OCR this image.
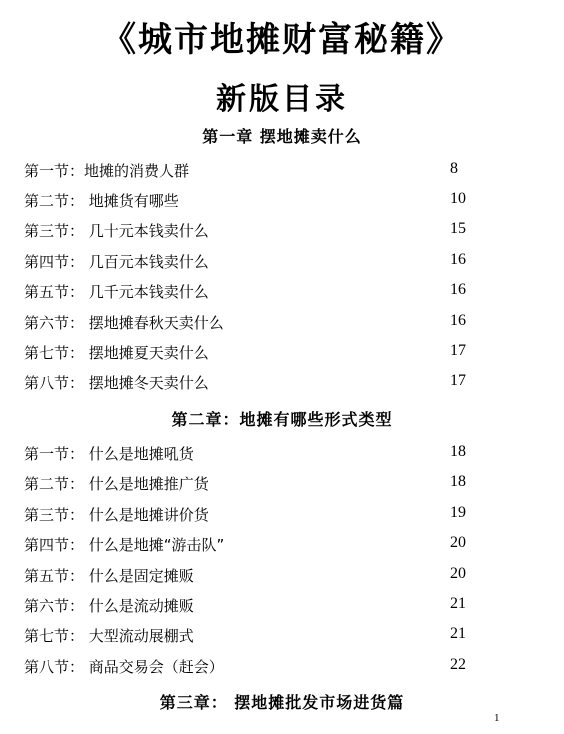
《城市地摊财富秘籍》
新版目录
第一章 摆地摊卖什么
第一节：地摊的消费人群	8
第二节： 地摊货有哪些	10
第三节： 几十元本钱卖什么	15
第四节： 几百元本钱卖什么	16
第五节： 几千元本钱卖什么	16
第六节： 摆地摊春秋天卖什么	16
第七节： 摆地摊夏天卖什么	17
第八节： 摆地摊冬天卖什么	17
第二章：地摊有哪些形式类型
第一节： 什么是地摊吼货	18
第二节： 什么是地摊推广货	18
第三节： 什么是地摊讲价货	19
第四节： 什么是地摊“游击队”	20
第五节： 什么是固定摊贩	20
第六节： 什么是流动摊贩	21
第七节： 大型流动展棚式	21
第八节： 商品交易会（赶会）	22
第三章： 摆地摊批发市场进货篇
1
